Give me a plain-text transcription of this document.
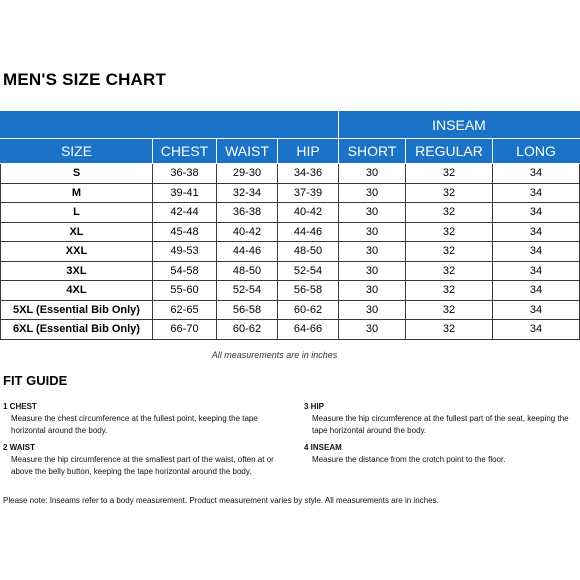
MEN'S SIZE CHART
				INSEAM		
SIZE	CHEST	WAIST	HIP	SHORT	REGULAR	LONG
S	36-38	29-30	34-36	30	32	34
M	39-41	32-34	37-39	30	32	34
L	42-44	36-38	40-42	30	32	34
XL	45-48	40-42	44-46	30	32	34
XXL	49-53	44-46	48-50	30	32	34
3XL	54-58	48-50	52-54	30	32	34
4XL	55-60	52-54	56-58	30	32	34
5XL (Essential Bib Only)	62-65	56-58	60-62	30	32	34
6XL (Essential Bib Only)	66-70	60-62	64-66	30	32	34
All measurements are in inches
FIT GUIDE
1 CHEST
Measure the chest circumference at the fullest point, keeping the tape
horizontal around the body.
2 WAIST
Measure the hip circumference at the smallest part of the waist, often at or
above the belly button, keeping the tape horizontal around the body.
3 HIP
Measure the hip circumference at the fullest part of the seat, keeping the
tape horizontal around the body.
4 INSEAM
Measure the distance from the crotch point to the floor.
Please note: Inseams refer to a body measurement. Product measurement varies by style. All measurements are in inches.
